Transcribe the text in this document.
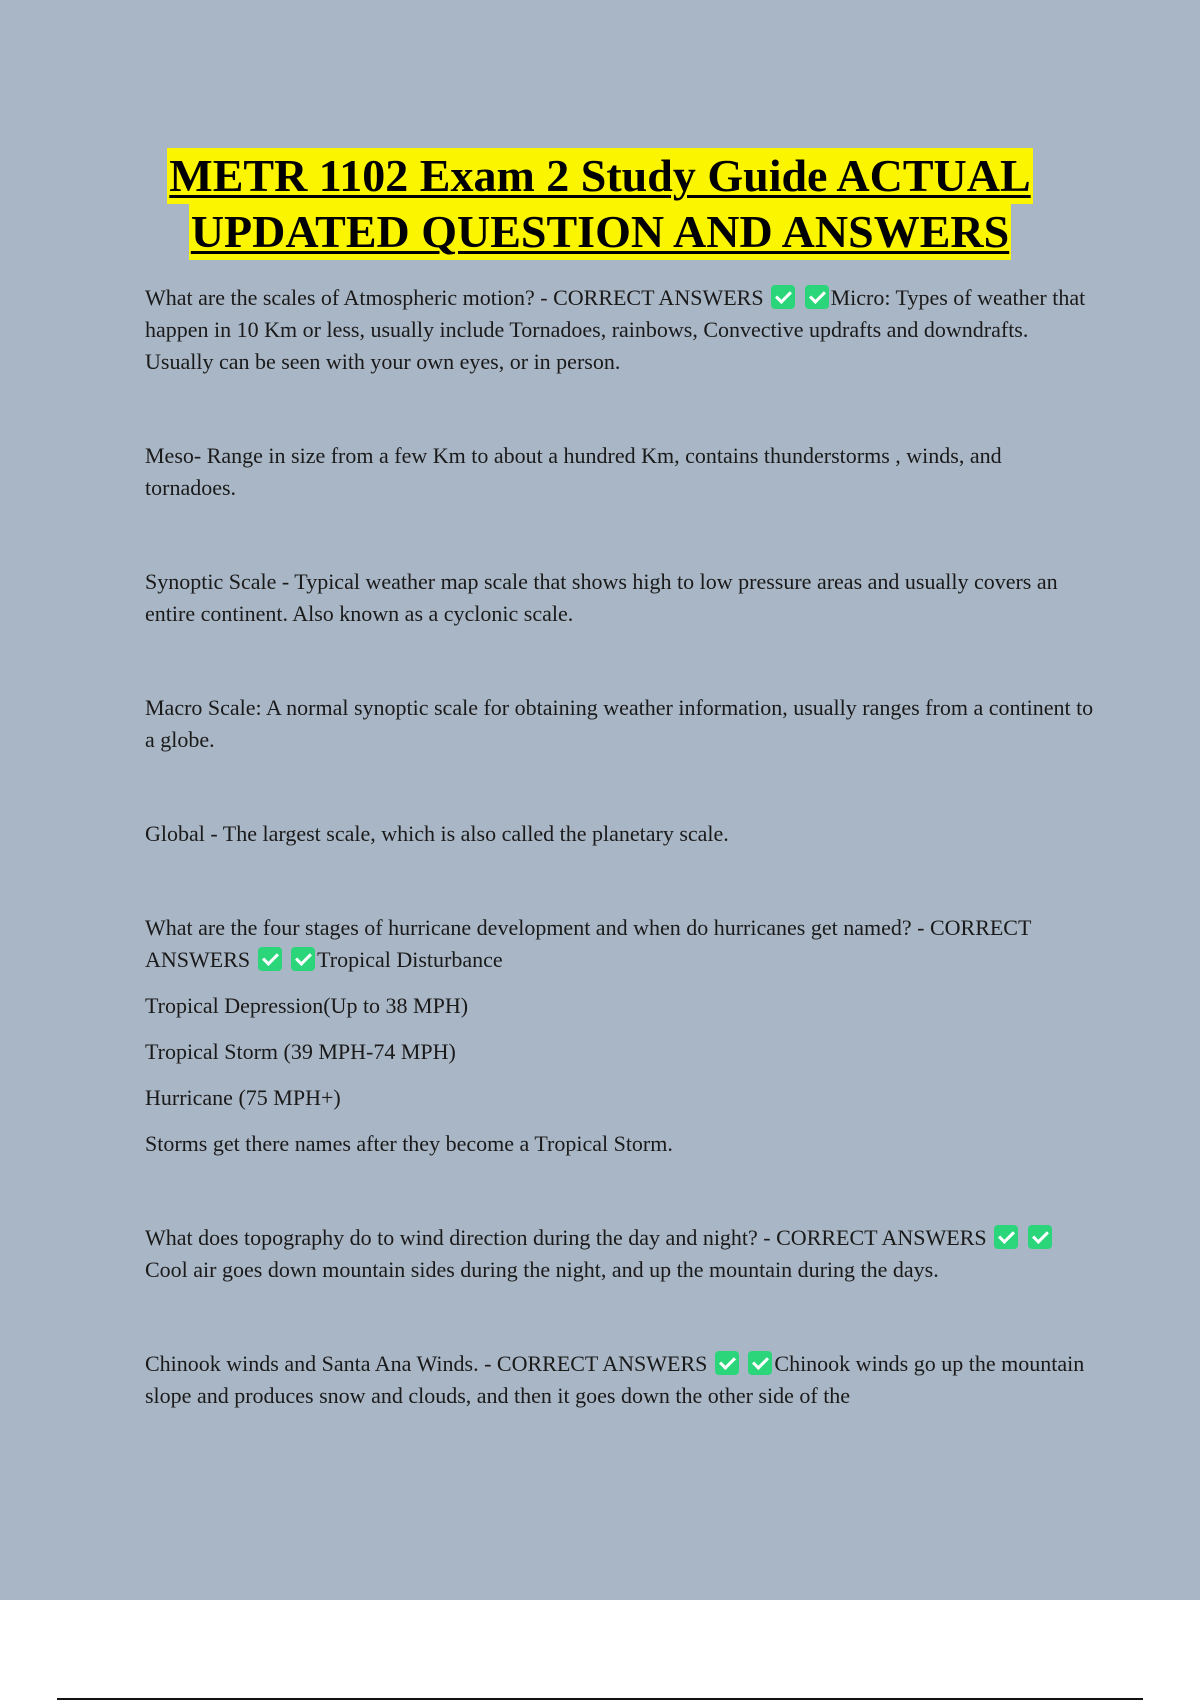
METR 1102 Exam 2 Study Guide ACTUAL
UPDATED QUESTION AND ANSWERS

What are the scales of Atmospheric motion? - CORRECT ANSWERS	Micro: Types of weather that happen in 10 Km or less, usually include Tornadoes, rainbows, Convective updrafts and downdrafts. Usually can be seen with your own eyes, or in person.

Meso- Range in size from a few Km to about a hundred Km, contains thunderstorms , winds, and tornadoes.

Synoptic Scale - Typical weather map scale that shows high to low pressure areas and usually covers an entire continent. Also known as a cyclonic scale.

Macro Scale: A normal synoptic scale for obtaining weather information, usually ranges from a continent to a globe.

Global - The largest scale, which is also called the planetary scale.

What are the four stages of hurricane development and when do hurricanes get named? - CORRECT ANSWERS	Tropical Disturbance

Tropical Depression(Up to 38 MPH)

Tropical Storm (39 MPH-74 MPH)

Hurricane (75 MPH+)

Storms get there names after they become a Tropical Storm.

What does topography do to wind direction during the day and night? - CORRECT ANSWERS  Cool air goes down mountain sides during the night, and up the mountain during the days.

Chinook winds and Santa Ana Winds. - CORRECT ANSWERS	Chinook winds go up the mountain slope and produces snow and clouds, and then it goes down the other side of the
